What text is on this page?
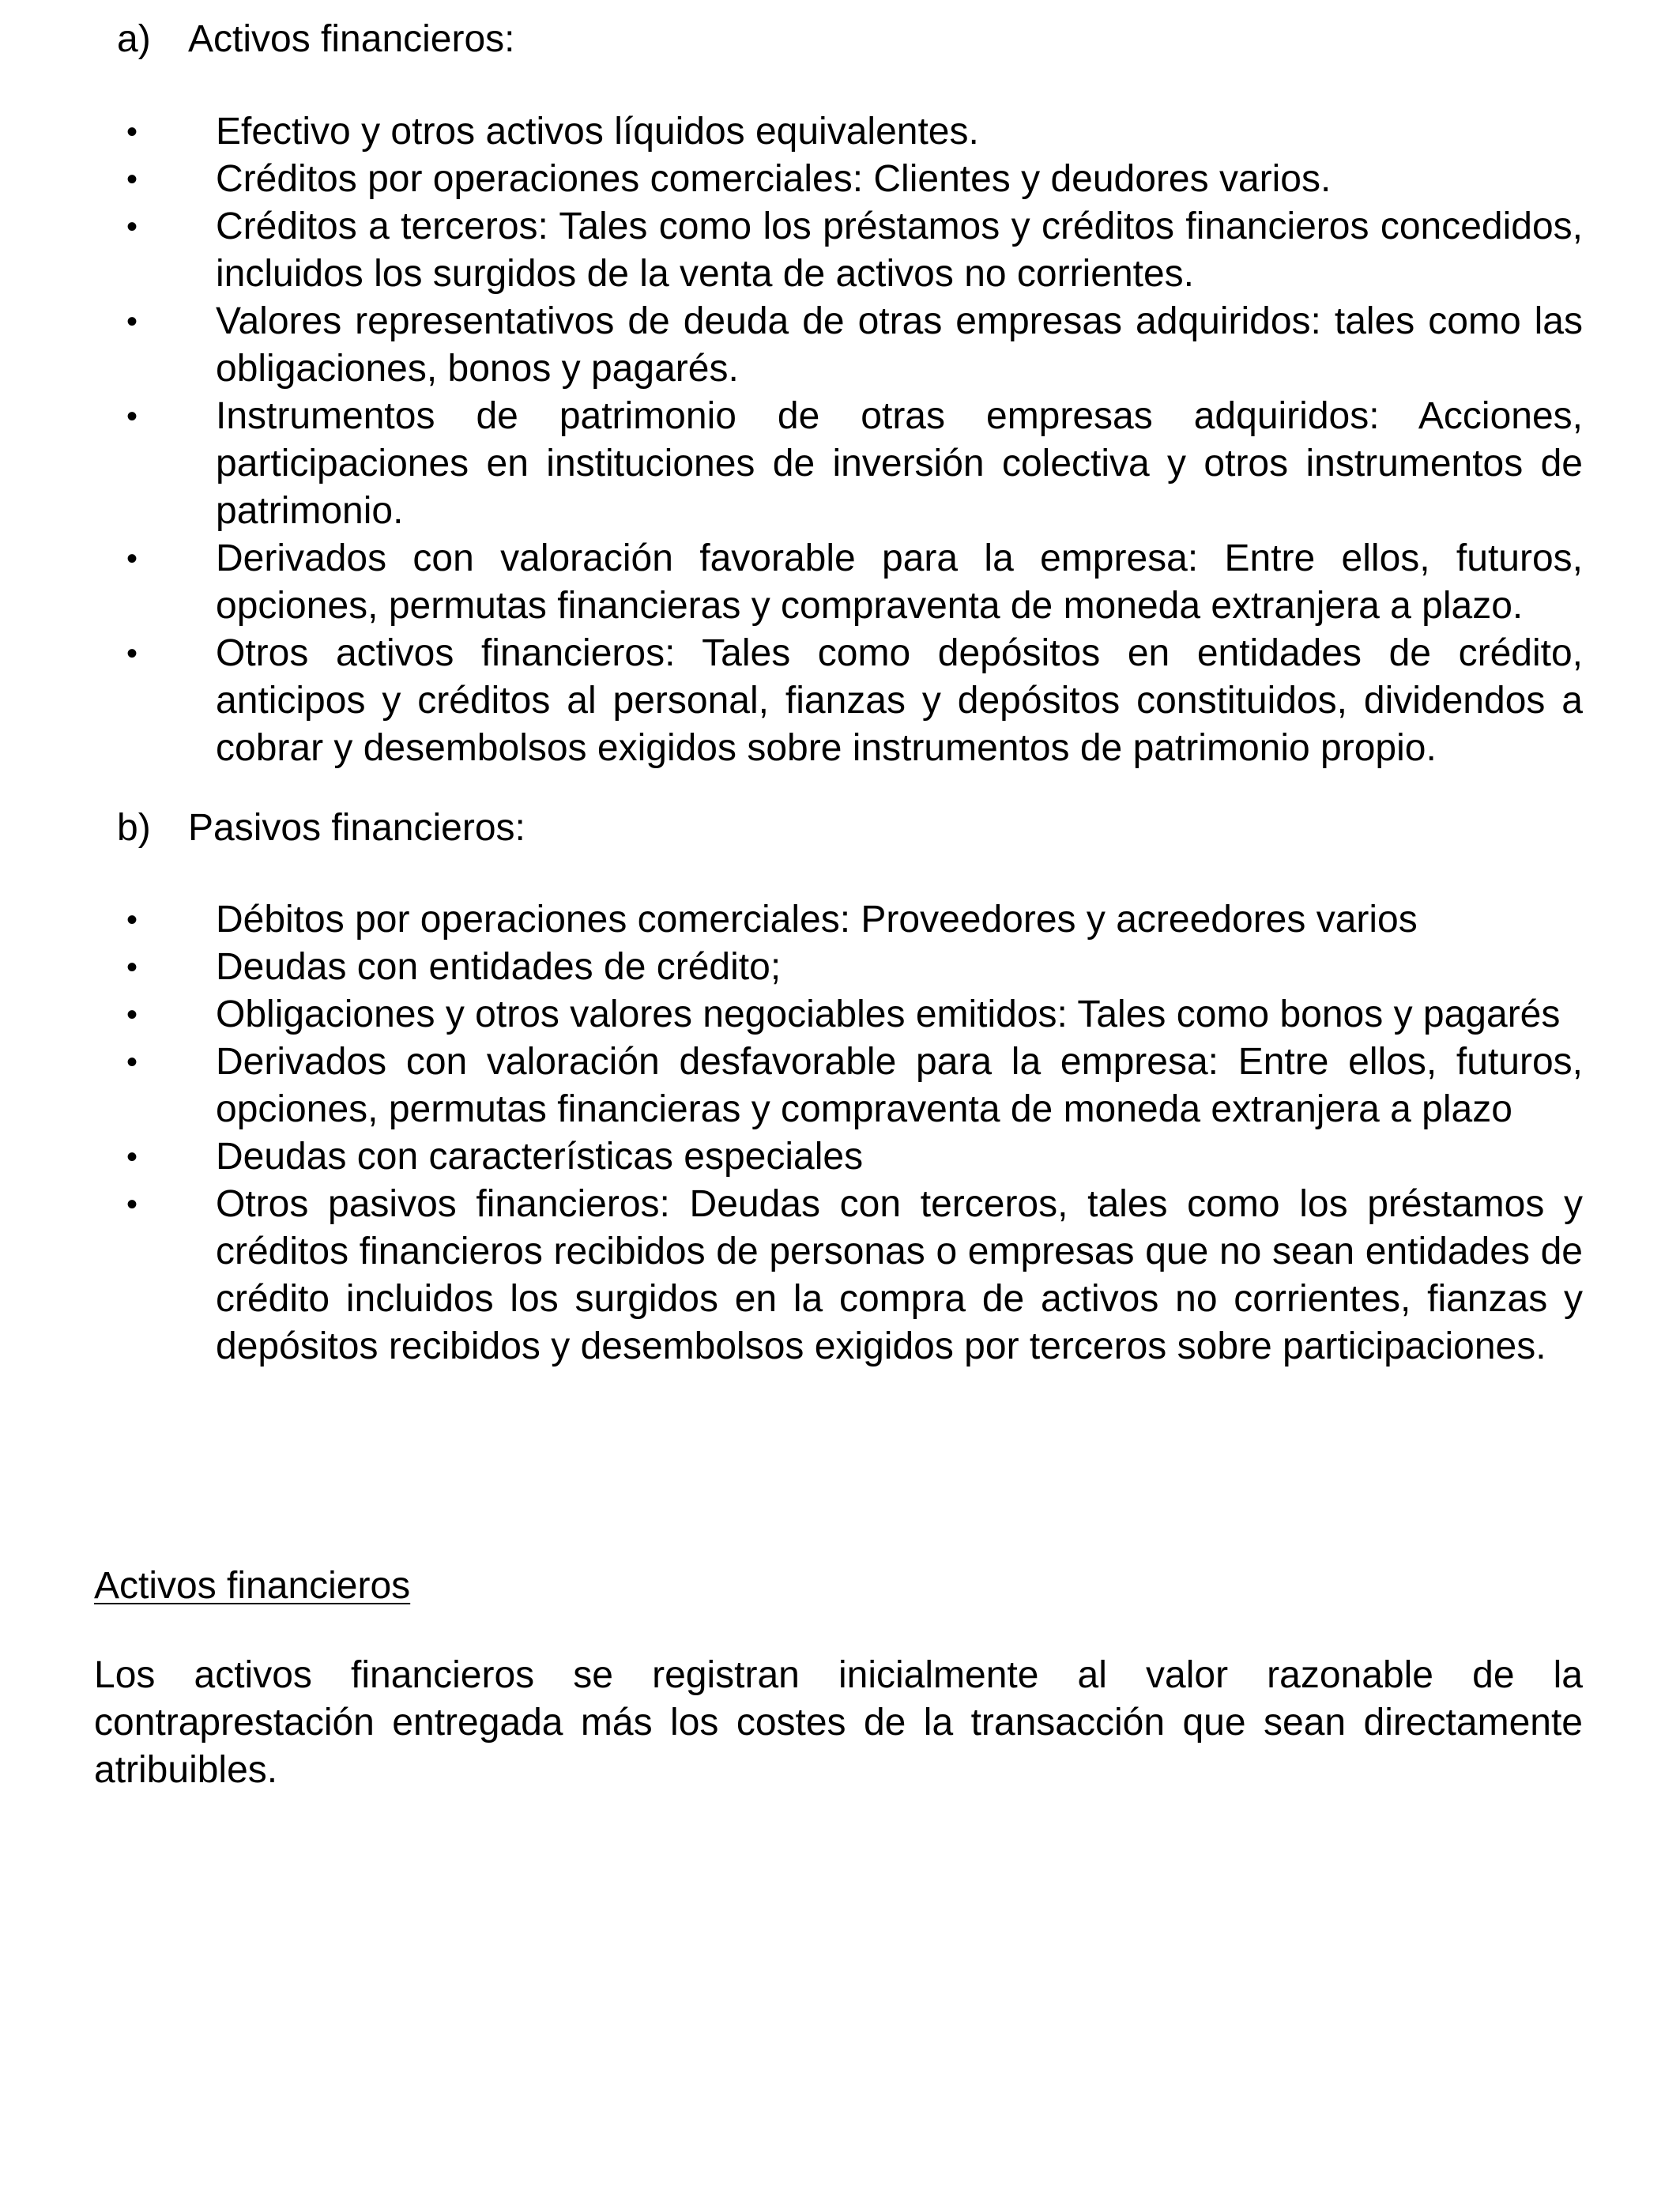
a) Activos financieros:
• Efectivo y otros activos líquidos equivalentes.
• Créditos por operaciones comerciales: Clientes y deudores varios.
• Créditos a terceros: Tales como los préstamos y créditos financieros concedidos, incluidos los surgidos de la venta de activos no corrientes.
• Valores representativos de deuda de otras empresas adquiridos: tales como las obligaciones, bonos y pagarés.
• Instrumentos de patrimonio de otras empresas adquiridos: Acciones, participaciones en instituciones de inversión colectiva y otros instrumentos de patrimonio.
• Derivados con valoración favorable para la empresa: Entre ellos, futuros, opciones, permutas financieras y compraventa de moneda extranjera a plazo.
• Otros activos financieros: Tales como depósitos en entidades de crédito, anticipos y créditos al personal, fianzas y depósitos constituidos, dividendos a cobrar y desembolsos exigidos sobre instrumentos de patrimonio propio.
b) Pasivos financieros:
• Débitos por operaciones comerciales: Proveedores y acreedores varios
• Deudas con entidades de crédito;
• Obligaciones y otros valores negociables emitidos: Tales como bonos y pagarés
• Derivados con valoración desfavorable para la empresa: Entre ellos, futuros, opciones, permutas financieras y compraventa de moneda extranjera a plazo
• Deudas con características especiales
• Otros pasivos financieros: Deudas con terceros, tales como los préstamos y créditos financieros recibidos de personas o empresas que no sean entidades de crédito incluidos los surgidos en la compra de activos no corrientes, fianzas y depósitos recibidos y desembolsos exigidos por terceros sobre participaciones.
Activos financieros

Los activos financieros se registran inicialmente al valor razonable de la contraprestación entregada más los costes de la transacción que sean directamente atribuibles.
